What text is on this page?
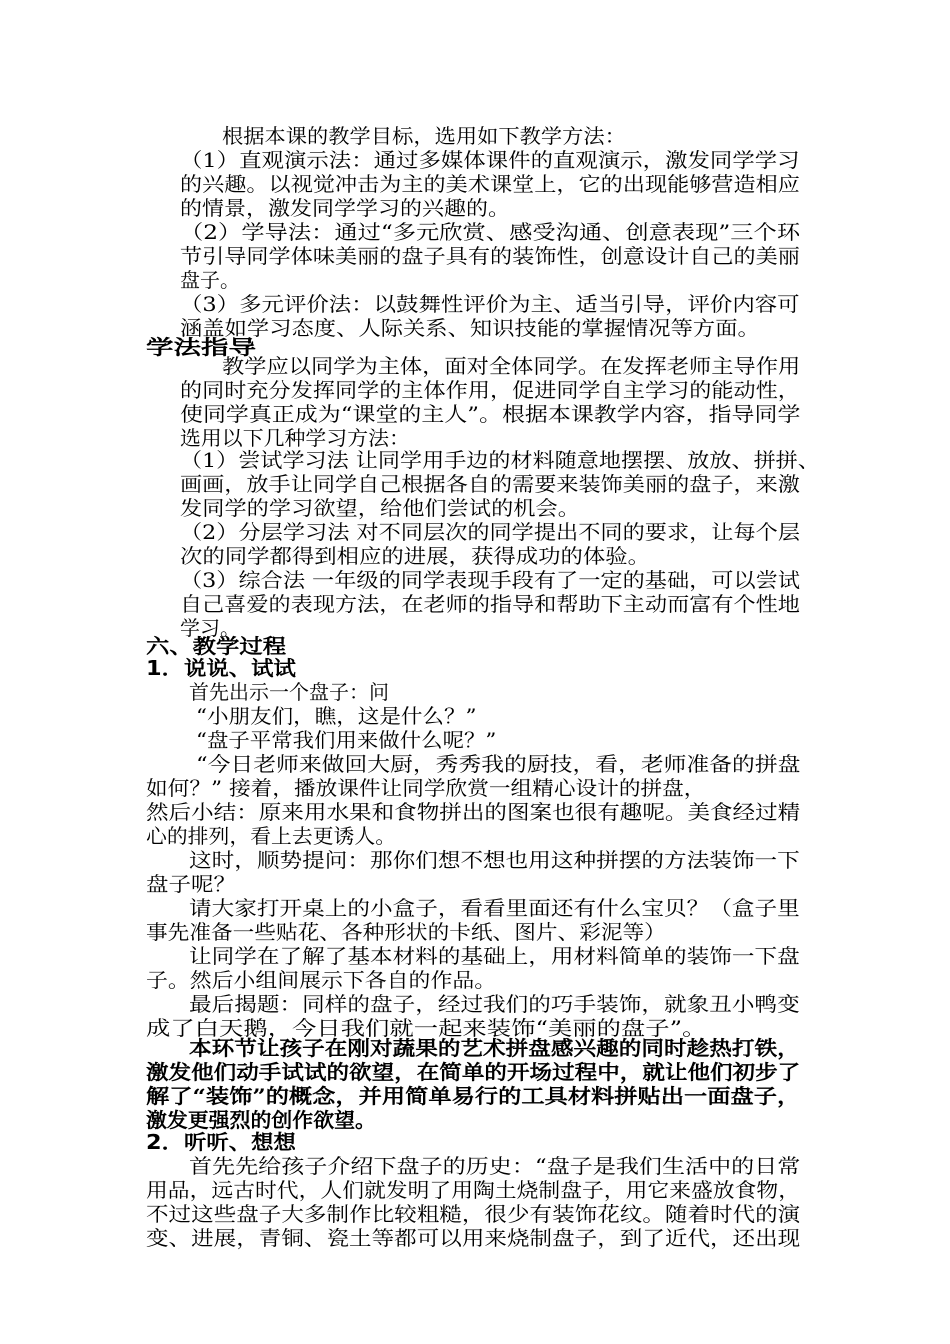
根据本课的教学目标，选用如下教学方法：
（1）直观演示法：通过多媒体课件的直观演示，激发同学学习
的兴趣。以视觉冲击为主的美术课堂上，它的出现能够营造相应
的情景，激发同学学习的兴趣的。
（2）学导法：通过“多元欣赏、感受沟通、创意表现”三个环
节引导同学体味美丽的盘子具有的装饰性，创意设计自己的美丽
盘子。
（3）多元评价法：以鼓舞性评价为主、适当引导，评价内容可
涵盖如学习态度、人际关系、知识技能的掌握情况等方面。
学法指导
教学应以同学为主体，面对全体同学。在发挥老师主导作用
的同时充分发挥同学的主体作用，促进同学自主学习的能动性，
使同学真正成为“课堂的主人”。根据本课教学内容，指导同学
选用以下几种学习方法：
（1）尝试学习法 让同学用手边的材料随意地摆摆、放放、拼拼、
画画，放手让同学自己根据各自的需要来装饰美丽的盘子，来激
发同学的学习欲望，给他们尝试的机会。
（2）分层学习法 对不同层次的同学提出不同的要求，让每个层
次的同学都得到相应的进展，获得成功的体验。
（3）综合法 一年级的同学表现手段有了一定的基础，可以尝试
自己喜爱的表现方法，在老师的指导和帮助下主动而富有个性地
学习。
六、教学过程
1．说说、试试
首先出示一个盘子：问
“小朋友们，瞧，这是什么？”
“盘子平常我们用来做什么呢？”
“今日老师来做回大厨，秀秀我的厨技，看，老师准备的拼盘
如何？” 接着，播放课件让同学欣赏一组精心设计的拼盘，
然后小结：原来用水果和食物拼出的图案也很有趣呢。美食经过精
心的排列，看上去更诱人。
这时，顺势提问：那你们想不想也用这种拼摆的方法装饰一下
盘子呢？
请大家打开桌上的小盒子，看看里面还有什么宝贝？（盒子里
事先准备一些贴花、各种形状的卡纸、图片、彩泥等）
让同学在了解了基本材料的基础上，用材料简单的装饰一下盘
子。然后小组间展示下各自的作品。
最后揭题：同样的盘子，经过我们的巧手装饰，就象丑小鸭变
成了白天鹅，今日我们就一起来装饰“美丽的盘子”。
本环节让孩子在刚对蔬果的艺术拼盘感兴趣的同时趁热打铁，
激发他们动手试试的欲望，在简单的开场过程中，就让他们初步了
解了“装饰”的概念，并用简单易行的工具材料拼贴出一面盘子，
激发更强烈的创作欲望。
2．听听、想想
首先先给孩子介绍下盘子的历史：“盘子是我们生活中的日常
用品，远古时代，人们就发明了用陶土烧制盘子，用它来盛放食物，
不过这些盘子大多制作比较粗糙，很少有装饰花纹。随着时代的演
变、进展，青铜、瓷土等都可以用来烧制盘子，到了近代，还出现
